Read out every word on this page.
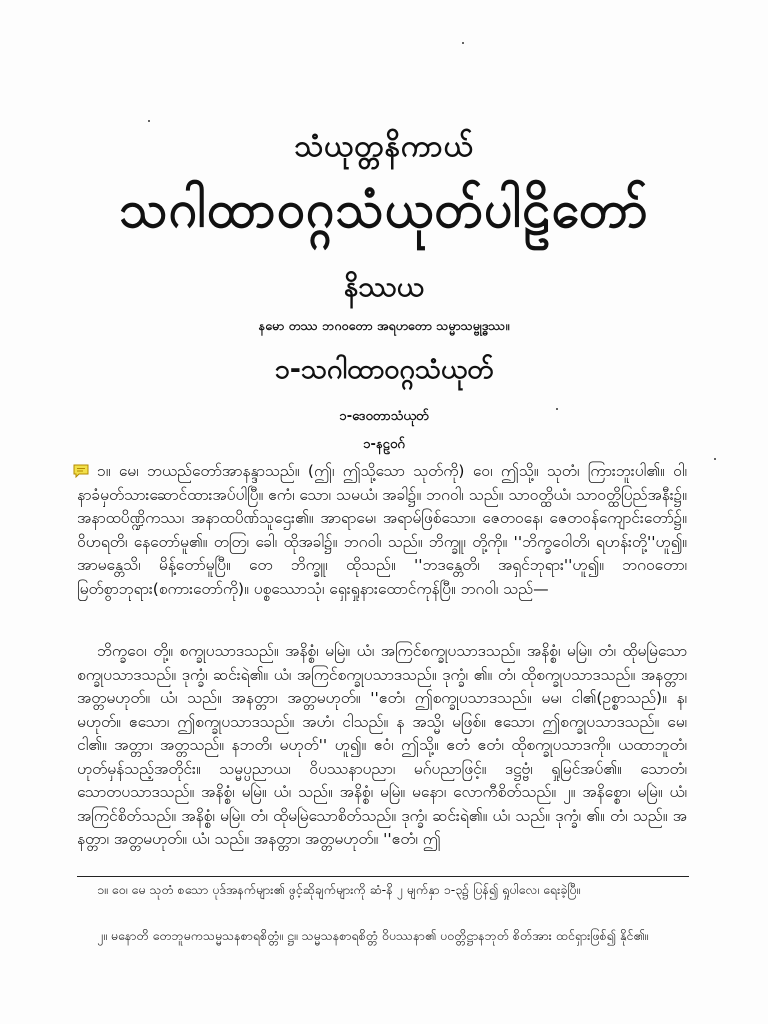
သံယုတ္တနိကာယ်
သဂါထာဝဂ္ဂသံယုတ်ပါဠိတော်
နိဿယ
နမော တဿ ဘဂဝတော အရဟတော သမ္မာသမ္ဗုဒ္ဓဿ။
၁-သဂါထာဝဂ္ဂသံယုတ်
၁-ဒေဝတာသံယုတ်
၁-နဠဝဂ်
၁။ မေ၊ ဘယည်တော်အာနန္ဒာသည်။ (ဤ၊ ဤသို့သော သုတ်ကို) ဝေ၊ ဤသို့။ သုတံ၊ ကြားဘူးပါ၏။ ဝါ၊ နာခံမှတ်သားဆောင်ထားအပ်ပါပြီ။ ဧကံ၊ သော၊ သမယံ၊ အခါ၌။ ဘဂဝါ၊ သည်။ သာဝတ္ထိယံ၊ သာဝတ္ထိပြည်အနီး၌။ အနာထပိဏ္ဍိကဿ၊ အနာထပိဏ်သူဌေး၏။ အာရာမေ၊ အရာမ်ဖြစ်သော။ ဇေတဝနေ၊ ဇေတဝန်ကျောင်းတော်၌။ ဝိဟရတိ၊ နေတော်မူ၏။ တတြ၊ ခေါ၊ ထိုအခါ၌။ ဘဂဝါ၊ သည်။ ဘိက္ခူ၊ တို့ကို။ ''ဘိက္ခဝေါတိ၊ ရဟန်းတို့''ဟူ၍။ အာမန္တေသိ၊ မိန့်တော်မူပြီ။ တေ ဘိက္ခူ၊ ထိုသည်။ ''ဘဒန္တေတိ၊ အရှင်ဘုရား''ဟူ၍။ ဘဂဝတော၊ မြတ်စွာဘုရား(စကားတော်ကို)။ ပစ္စဿောသုံ၊ ရှေးရှုနားထောင်ကုန်ပြီ။ ဘဂဝါ၊ သည်—
ဘိက္ခဝေ၊ တို့။ စက္ခုပသာဒသည်။ အနိစ္စံ၊ မမြဲ။ ယံ၊ အကြင်စက္ခုပသာဒသည်။ အနိစ္စံ၊ မမြဲ။ တံ၊ ထိုမမြဲသောစက္ခုပသာဒသည်။ ဒုက္ခံ၊ ဆင်းရဲ၏။ ယံ၊ အကြင်စက္ခုပသာဒသည်။ ဒုက္ခံ၊ ၏။ တံ၊ ထိုစက္ခုပသာဒသည်။ အနတ္တာ၊ အတ္တမဟုတ်။ ယံ၊ သည်။ အနတ္တာ၊ အတ္တမဟုတ်။ ''ဧတံ၊ ဤစက္ခုပသာဒသည်။ မမ၊ ငါ၏(ဥစ္စာသည်)။ န၊ မဟုတ်။ ဧသော၊ ဤစက္ခုပသာဒသည်။ အဟံ၊ ငါသည်။ န အသ္မိ၊ မဖြစ်။ ဧသော၊ ဤစက္ခုပသာဒသည်။ မေ၊ ငါ၏။ အတ္တာ၊ အတ္တသည်။ နဘတိ၊ မဟုတ်'' ဟူ၍။ ဧဝံ၊ ဤသို့။ ဧတံ ဧတံ၊ ထိုစက္ခုပသာဒကို။ ယထာဘူတံ၊ ဟုတ်မှန်သည့်အတိုင်း။ သမ္မပ္ပညာယ၊ ဝိပဿနာပညာ၊ မဂ်ပညာဖြင့်။ ဒဋ္ဌဗ္ဗံ၊ ရှုမြင်အပ်၏။ သောတံ၊ သောတပသာဒသည်။ အနိစ္စံ၊ မမြဲ။ ယံ၊ သည်။ အနိစ္စံ၊ မမြဲ။ မနော၊ လောကီစိတ်သည်။ ၂။ အနိစ္စော၊ မမြဲ။ ယံ၊ အကြင်စိတ်သည်။ အနိစ္စံ၊ မမြဲ။ တံ၊ ထိုမမြဲသောစိတ်သည်။ ဒုက္ခံ၊ ဆင်းရဲ၏။ ယံ၊ သည်။ ဒုက္ခံ၊ ၏။ တံ၊ သည်။ အနတ္တာ၊ အတ္တမဟုတ်။ ယံ၊ သည်။ အနတ္တာ၊ အတ္တမဟုတ်။ ''ဧတံ၊ ဤ
၁။ ဝေ၊ မေ သုတံ စသော ပုဒ်အနက်များ၏ ဖွင့်ဆိုချက်များကို ဆံ-နိ ၂ မျက်နှာ ၁-၃၌ ပြန်၍ ရှုပါလေ၊ ရေးခဲ့ပြီ။
၂။ မနောတိ တေဘူမကသမ္မသနစာရစိတ္တံ။ ဋ္ဌ။ သမ္မသနစာရစိတ္တံ ဝိပဿနာ၏ ပဝတ္တိဋ္ဌာနဘုတ် စိတ်အား ထင်ရှားဖြစ်၍ နိုင်၏။
